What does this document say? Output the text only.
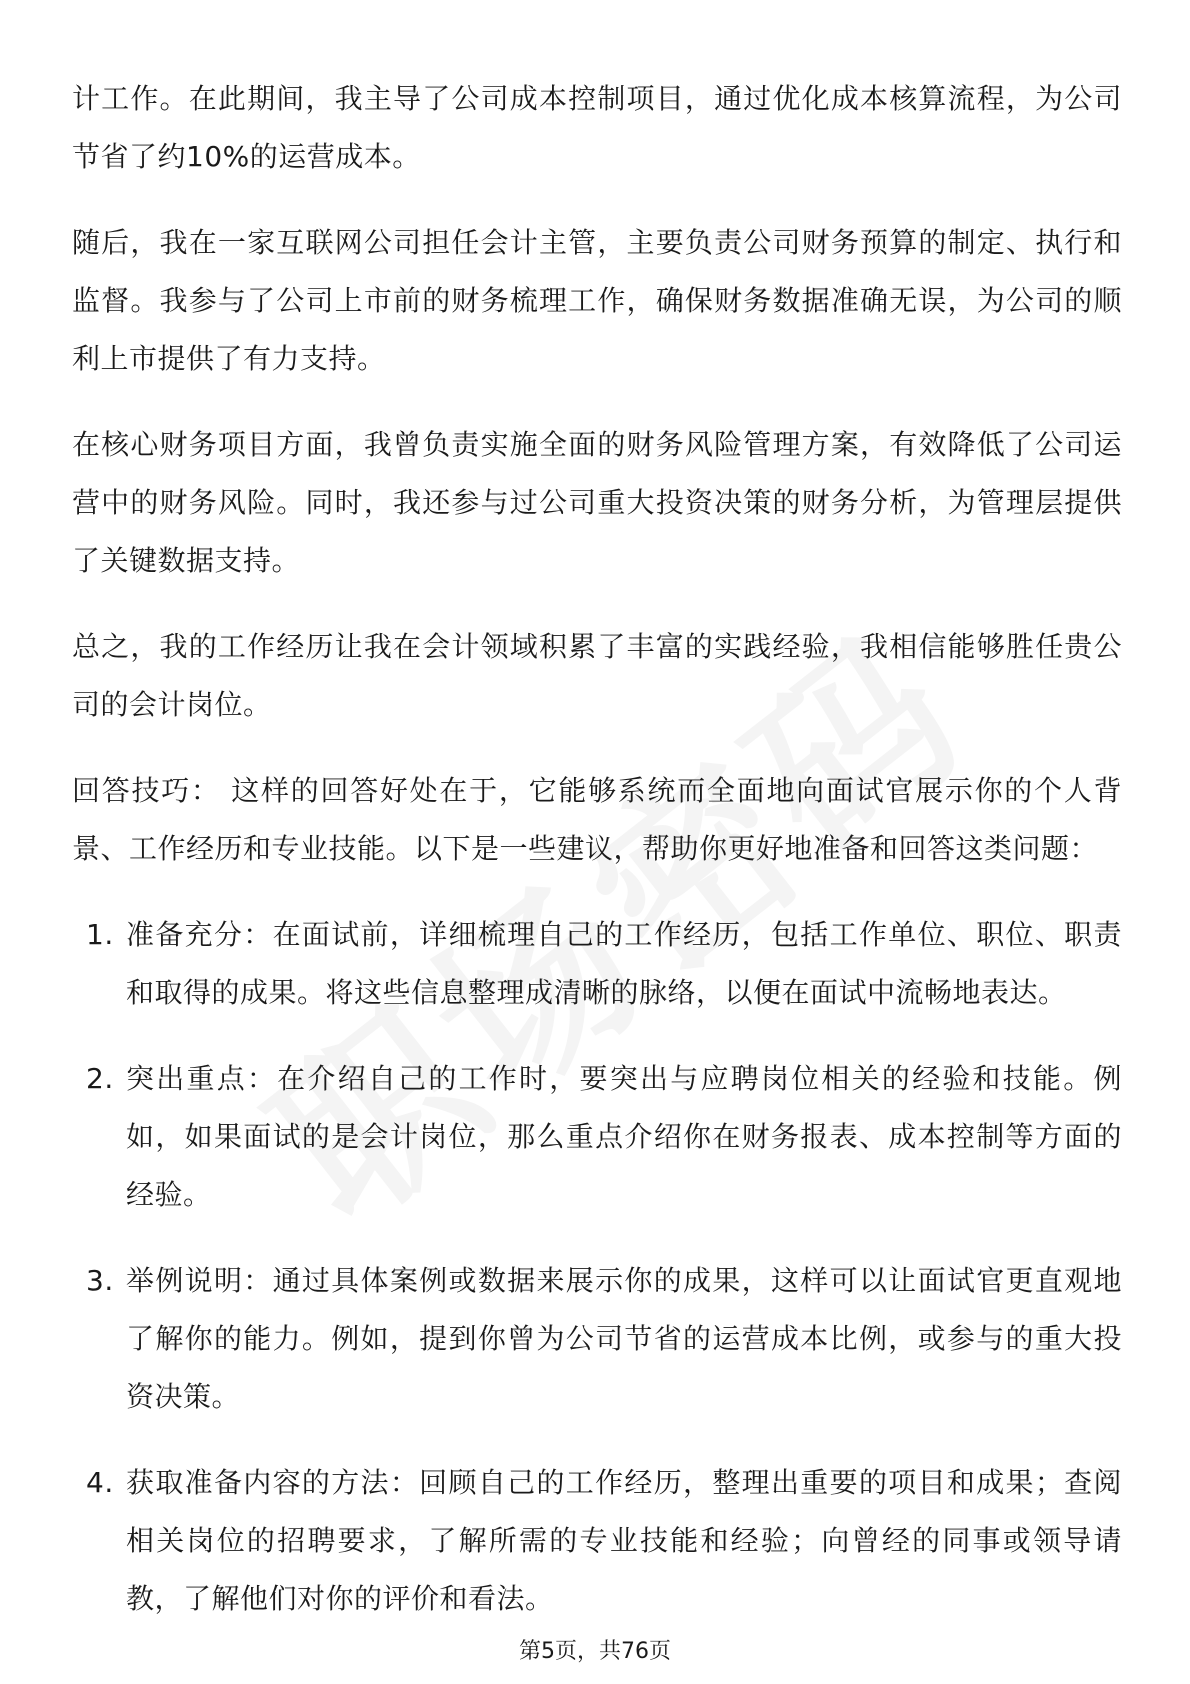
计工作。在此期间，我主导了公司成本控制项目，通过优化成本核算流程，为公司节省了约10%的运营成本。

随后，我在一家互联网公司担任会计主管，主要负责公司财务预算的制定、执行和监督。我参与了公司上市前的财务梳理工作，确保财务数据准确无误，为公司的顺利上市提供了有力支持。

在核心财务项目方面，我曾负责实施全面的财务风险管理方案，有效降低了公司运营中的财务风险。同时，我还参与过公司重大投资决策的财务分析，为管理层提供了关键数据支持。

总之，我的工作经历让我在会计领域积累了丰富的实践经验，我相信能够胜任贵公司的会计岗位。

回答技巧： 这样的回答好处在于，它能够系统而全面地向面试官展示你的个人背景、工作经历和专业技能。以下是一些建议，帮助你更好地准备和回答这类问题：

1. 准备充分：在面试前，详细梳理自己的工作经历，包括工作单位、职位、职责和取得的成果。将这些信息整理成清晰的脉络，以便在面试中流畅地表达。
2. 突出重点：在介绍自己的工作时，要突出与应聘岗位相关的经验和技能。例如，如果面试的是会计岗位，那么重点介绍你在财务报表、成本控制等方面的经验。
3. 举例说明：通过具体案例或数据来展示你的成果，这样可以让面试官更直观地了解你的能力。例如，提到你曾为公司节省的运营成本比例，或参与的重大投资决策。
4. 获取准备内容的方法：回顾自己的工作经历，整理出重要的项目和成果；查阅相关岗位的招聘要求，了解所需的专业技能和经验；向曾经的同事或领导请教，了解他们对你的评价和看法。
第5页，共76页
